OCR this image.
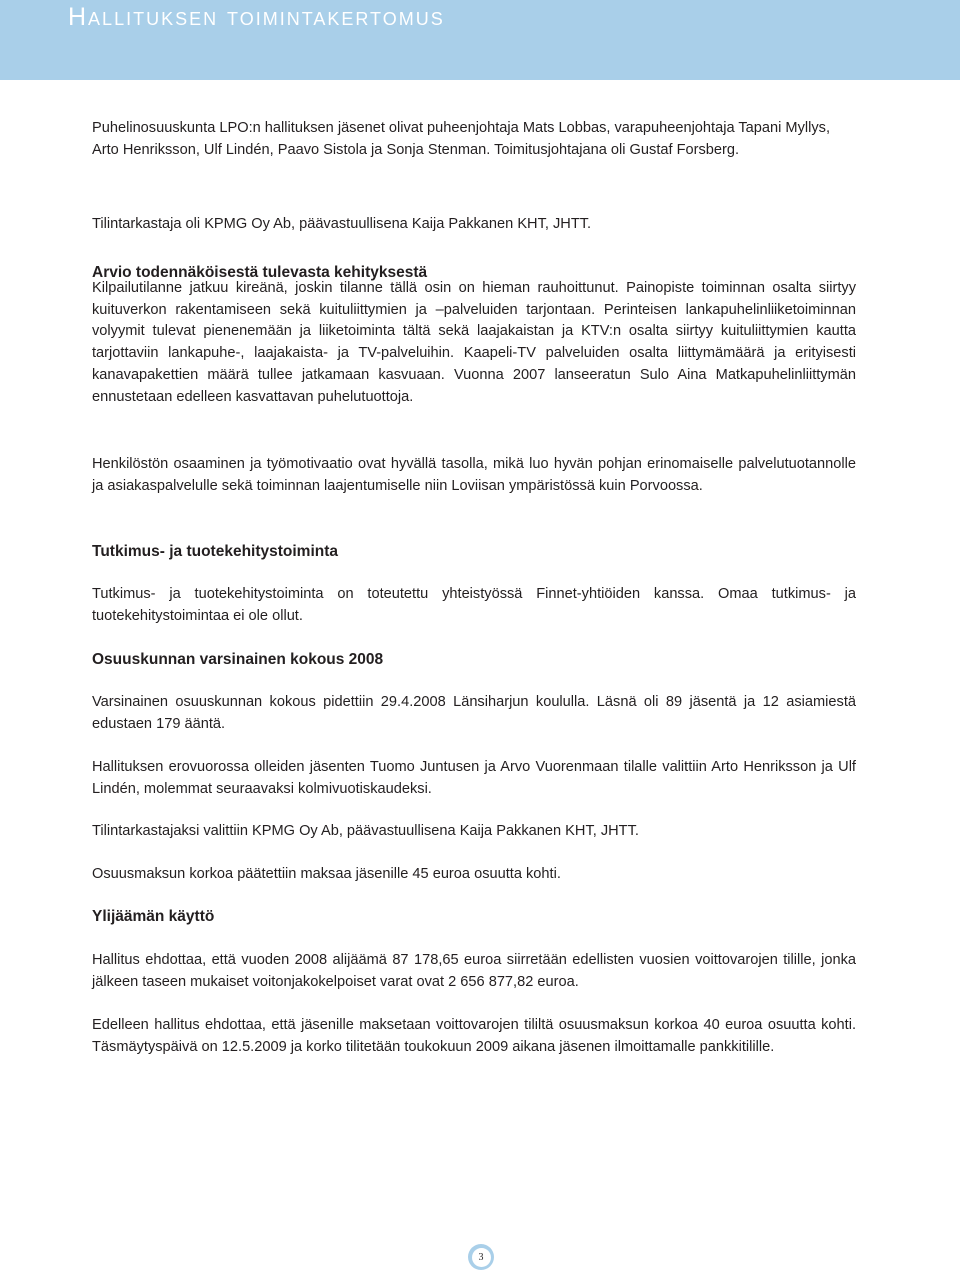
Hallituksen toimintakertomus

Puhelinosuuskunta LPO:n hallituksen jäsenet olivat puheenjohtaja Mats Lobbas, varapuheenjohtaja Tapani Myllys, Arto Henriksson, Ulf Lindén, Paavo Sistola ja Sonja Stenman. Toimitusjohtajana oli Gustaf Forsberg.

Tilintarkastaja oli KPMG Oy Ab, päävastuullisena Kaija Pakkanen KHT, JHTT.

Arvio todennäköisestä tulevasta kehityksestä

Kilpailutilanne jatkuu kireänä, joskin tilanne tällä osin on hieman rauhoittunut. Painopiste toiminnan osalta siirtyy kuituverkon rakentamiseen sekä kuituliittymien ja –palveluiden tarjontaan. Perinteisen lankapuhelinliiketoiminnan volyymit tulevat pienenemään ja liiketoiminta tältä sekä laajakaistan ja KTV:n osalta siirtyy kuituliittymien kautta tarjottaviin lankapuhe-, laajakaista- ja TV-palveluihin. Kaapeli-TV palveluiden osalta liittymämäärä ja erityisesti kanavapakettien määrä tullee jatkamaan kasvuaan. Vuonna 2007 lanseeratun Sulo Aina Matkapuhelinliittymän ennustetaan edelleen kasvattavan puhelutuottoja.

Henkilöstön osaaminen ja työmotivaatio ovat hyvällä tasolla, mikä luo hyvän pohjan erinomaiselle palvelutuotannolle ja asiakaspalvelulle sekä toiminnan laajentumiselle niin Loviisan ympäristössä kuin Porvoossa.

Tutkimus- ja tuotekehitystoiminta

Tutkimus- ja tuotekehitystoiminta on toteutettu yhteistyössä Finnet-yhtiöiden kanssa. Omaa tutkimus- ja tuotekehitystoimintaa ei ole ollut.

Osuuskunnan varsinainen kokous 2008

Varsinainen osuuskunnan kokous pidettiin 29.4.2008 Länsiharjun koululla. Läsnä oli 89 jäsentä ja 12 asiamiestä edustaen 179 ääntä.

Hallituksen erovuorossa olleiden jäsenten Tuomo Juntusen ja Arvo Vuorenmaan tilalle valittiin Arto Henriksson ja Ulf Lindén, molemmat seuraavaksi kolmivuotiskaudeksi.

Tilintarkastajaksi valittiin KPMG Oy Ab, päävastuullisena Kaija Pakkanen KHT, JHTT.

Osuusmaksun korkoa päätettiin maksaa jäsenille 45 euroa osuutta kohti.

Ylijäämän käyttö

Hallitus ehdottaa, että vuoden 2008 alijäämä 87 178,65 euroa siirretään edellisten vuosien voittovarojen tilille, jonka jälkeen taseen mukaiset voitonjakokelpoiset varat ovat 2 656 877,82 euroa.

Edelleen hallitus ehdottaa, että jäsenille maksetaan voittovarojen tililtä osuusmaksun korkoa 40 euroa osuutta kohti. Täsmäytyspäivä on 12.5.2009 ja korko tilitetään toukokuun 2009 aikana jäsenen ilmoittamalle pankkitilille.

3
